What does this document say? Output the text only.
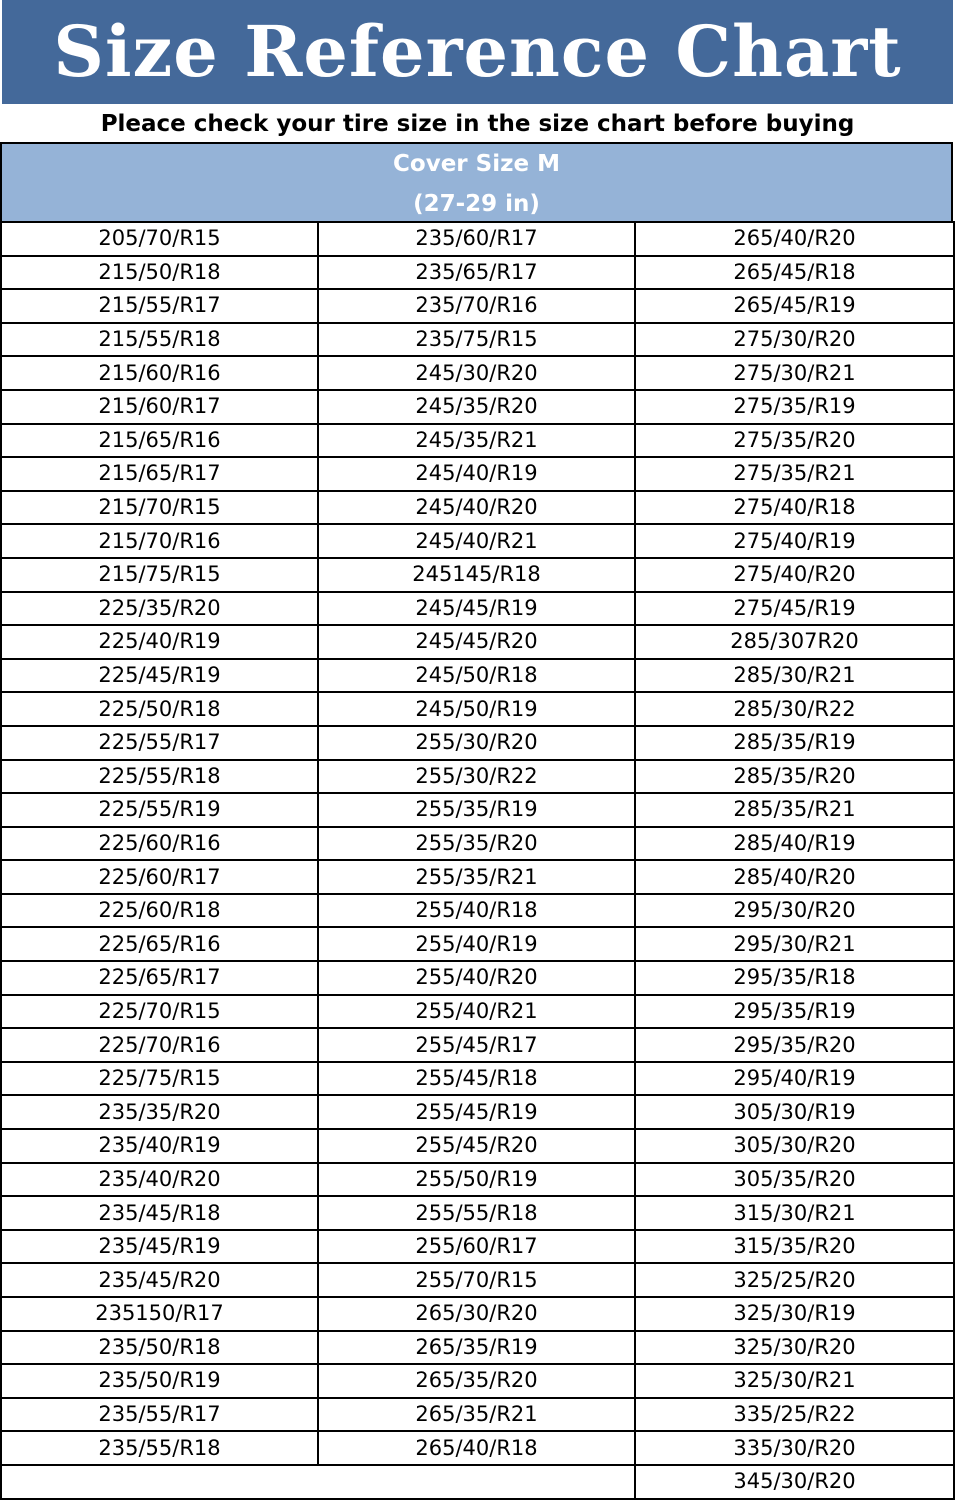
Size Reference Chart
Pleace check your tire size in the size chart before buying
Cover Size M
(27-29 in)
205/70/R15	235/60/R17	265/40/R20
215/50/R18	235/65/R17	265/45/R18
215/55/R17	235/70/R16	265/45/R19
215/55/R18	235/75/R15	275/30/R20
215/60/R16	245/30/R20	275/30/R21
215/60/R17	245/35/R20	275/35/R19
215/65/R16	245/35/R21	275/35/R20
215/65/R17	245/40/R19	275/35/R21
215/70/R15	245/40/R20	275/40/R18
215/70/R16	245/40/R21	275/40/R19
215/75/R15	245145/R18	275/40/R20
225/35/R20	245/45/R19	275/45/R19
225/40/R19	245/45/R20	285/307R20
225/45/R19	245/50/R18	285/30/R21
225/50/R18	245/50/R19	285/30/R22
225/55/R17	255/30/R20	285/35/R19
225/55/R18	255/30/R22	285/35/R20
225/55/R19	255/35/R19	285/35/R21
225/60/R16	255/35/R20	285/40/R19
225/60/R17	255/35/R21	285/40/R20
225/60/R18	255/40/R18	295/30/R20
225/65/R16	255/40/R19	295/30/R21
225/65/R17	255/40/R20	295/35/R18
225/70/R15	255/40/R21	295/35/R19
225/70/R16	255/45/R17	295/35/R20
225/75/R15	255/45/R18	295/40/R19
235/35/R20	255/45/R19	305/30/R19
235/40/R19	255/45/R20	305/30/R20
235/40/R20	255/50/R19	305/35/R20
235/45/R18	255/55/R18	315/30/R21
235/45/R19	255/60/R17	315/35/R20
235/45/R20	255/70/R15	325/25/R20
235150/R17	265/30/R20	325/30/R19
235/50/R18	265/35/R19	325/30/R20
235/50/R19	265/35/R20	325/30/R21
235/55/R17	265/35/R21	335/25/R22
235/55/R18	265/40/R18	335/30/R20
		345/30/R20
